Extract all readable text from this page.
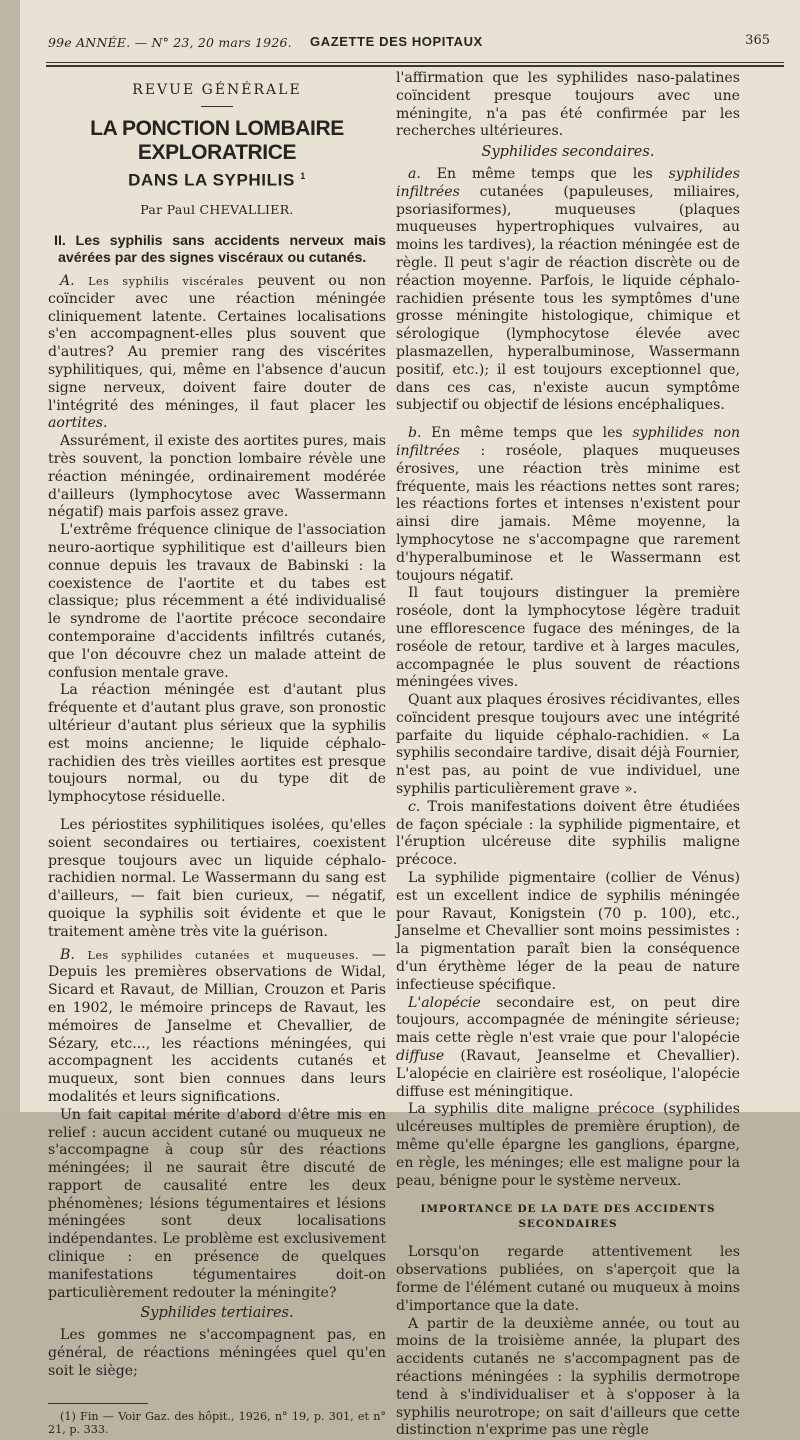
99e ANNÉE. — N° 23, 20 mars 1926. GAZETTE DES HOPITAUX	365
REVUE GÉNÉRALE
LA PONCTION LOMBAIRE EXPLORATRICE
DANS LA SYPHILIS $^1$
Par Paul CHEVALLIER.
II. Les syphilis sans accidents nerveux mais avérées par des signes viscéraux ou cutanés.

A. Les syphilis viscérales peuvent ou non coïncider avec une réaction méningée cliniquement latente. Certaines localisations s'en accompagnent-elles plus souvent que d'autres? Au premier rang des viscérites syphilitiques, qui, même en l'absence d'aucun signe nerveux, doivent faire douter de l'intégrité des méninges, il faut placer les aortites.

Assurément, il existe des aortites pures, mais très souvent, la ponction lombaire révèle une réaction méningée, ordinairement modérée d'ailleurs (lymphocytose avec Wassermann négatif) mais parfois assez grave.

L'extrême fréquence clinique de l'association neuro-aortique syphilitique est d'ailleurs bien connue depuis les travaux de Babinski : la coexistence de l'aortite et du tabes est classique; plus récemment a été individualisé le syndrome de l'aortite précoce secondaire contemporaine d'accidents infiltrés cutanés, que l'on découvre chez un malade atteint de confusion mentale grave.

La réaction méningée est d'autant plus fréquente et d'autant plus grave, son pronostic ultérieur d'autant plus sérieux que la syphilis est moins ancienne; le liquide céphalo-rachidien des très vieilles aortites est presque toujours normal, ou du type dit de lymphocytose résiduelle.

Les périostites syphilitiques isolées, qu'elles soient secondaires ou tertiaires, coexistent presque toujours avec un liquide céphalo-rachidien normal. Le Wassermann du sang est d'ailleurs, — fait bien curieux, — négatif, quoique la syphilis soit évidente et que le traitement amène très vite la guérison.

B. Les syphilides cutanées et muqueuses. — Depuis les premières observations de Widal, Sicard et Ravaut, de Millian, Crouzon et Paris en 1902, le mémoire princeps de Ravaut, les mémoires de Janselme et Chevallier, de Sézary, etc..., les réactions méningées, qui accompagnent les accidents cutanés et muqueux, sont bien connues dans leurs modalités et leurs significations.

Un fait capital mérite d'abord d'être mis en relief : aucun accident cutané ou muqueux ne s'accompagne à coup sûr des réactions méningées; il ne saurait être discuté de rapport de causalité entre les deux phénomènes; lésions tégumentaires et lésions méningées sont deux localisations indépendantes. Le problème est exclusivement clinique : en présence de quelques manifestations tégumentaires doit-on particulièrement redouter la méningite?

Syphilides tertiaires.

Les gommes ne s'accompagnent pas, en général, de réactions méningées quel qu'en soit le siège;

(1) Fin — Voir Gaz. des hôpit., 1926, n° 19, p. 301, et n° 21, p. 333.

l'affirmation que les syphilides naso-palatines coïncident presque toujours avec une méningite, n'a pas été confirmée par les recherches ultérieures.

Syphilides secondaires.

a. En même temps que les syphilides infiltrées cutanées (papuleuses, miliaires, psoriasiformes), muqueuses (plaques muqueuses hypertrophiques vulvaires, au moins les tardives), la réaction méningée est de règle. Il peut s'agir de réaction discrète ou de réaction moyenne. Parfois, le liquide céphalo-rachidien présente tous les symptômes d'une grosse méningite histologique, chimique et sérologique (lymphocytose élevée avec plasmazellen, hyperalbuminose, Wassermann positif, etc.); il est toujours exceptionnel que, dans ces cas, n'existe aucun symptôme subjectif ou objectif de lésions encéphaliques.

b. En même temps que les syphilides non infiltrées : roséole, plaques muqueuses érosives, une réaction très minime est fréquente, mais les réactions nettes sont rares; les réactions fortes et intenses n'existent pour ainsi dire jamais. Même moyenne, la lymphocytose ne s'accompagne que rarement d'hyperalbuminose et le Wassermann est toujours négatif.

Il faut toujours distinguer la première roséole, dont la lymphocytose légère traduit une efflorescence fugace des méninges, de la roséole de retour, tardive et à larges macules, accompagnée le plus souvent de réactions méningées vives.

Quant aux plaques érosives récidivantes, elles coïncident presque toujours avec une intégrité parfaite du liquide céphalo-rachidien. « La syphilis secondaire tardive, disait déjà Fournier, n'est pas, au point de vue individuel, une syphilis particulièrement grave ».

c. Trois manifestations doivent être étudiées de façon spéciale : la syphilide pigmentaire, et l'éruption ulcéreuse dite syphilis maligne précoce.

La syphilide pigmentaire (collier de Vénus) est un excellent indice de syphilis méningée pour Ravaut, Konigstein (70 p. 100), etc., Janselme et Chevallier sont moins pessimistes : la pigmentation paraît bien la conséquence d'un érythème léger de la peau de nature infectieuse spécifique.

L'alopécie secondaire est, on peut dire toujours, accompagnée de méningite sérieuse; mais cette règle n'est vraie que pour l'alopécie diffuse (Ravaut, Jeanselme et Chevallier). L'alopécie en clairière est roséolique, l'alopécie diffuse est méningitique.

La syphilis dite maligne précoce (syphilides ulcéreuses multiples de première éruption), de même qu'elle épargne les ganglions, épargne, en règle, les méninges; elle est maligne pour la peau, bénigne pour le système nerveux.

IMPORTANCE DE LA DATE DES ACCIDENTS SECONDAIRES

Lorsqu'on regarde attentivement les observations publiées, on s'aperçoit que la forme de l'élément cutané ou muqueux à moins d'importance que la date.

A partir de la deuxième année, ou tout au moins de la troisième année, la plupart des accidents cutanés ne s'accompagnent pas de réactions méningées : la syphilis dermotrope tend à s'individualiser et à s'opposer à la syphilis neurotrope; on sait d'ailleurs que cette distinction n'exprime pas une règle
